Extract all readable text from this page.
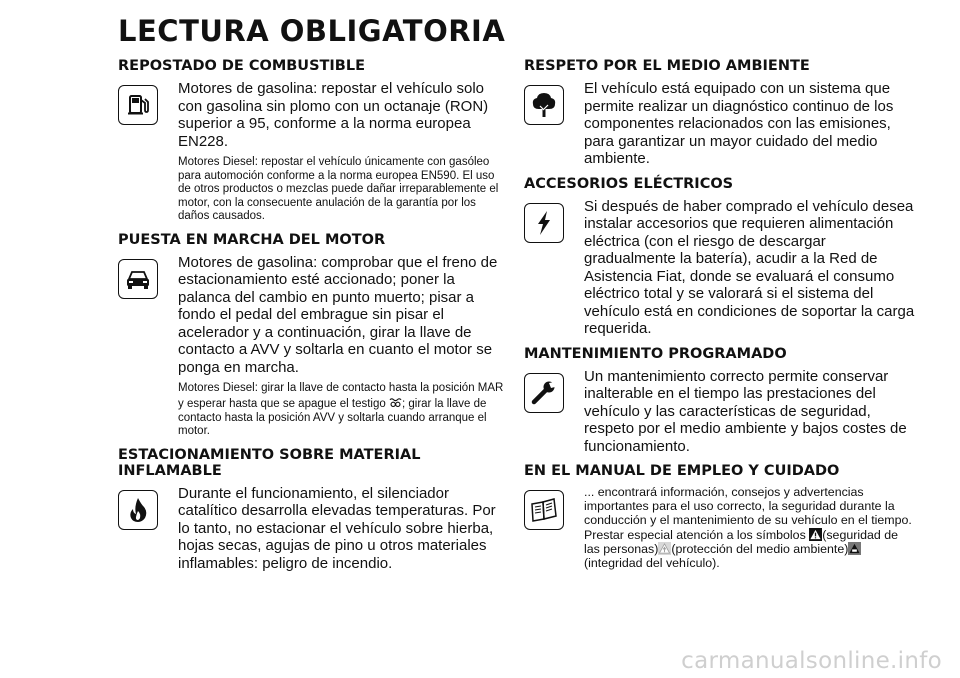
LECTURA OBLIGATORIA
REPOSTADO DE COMBUSTIBLE

Motores de gasolina: repostar el vehículo solo con gasolina sin plomo con un octanaje (RON) superior a 95, conforme a la norma europea EN228.

Motores Diesel: repostar el vehículo únicamente con gasóleo para automoción conforme a la norma europea EN590. El uso de otros productos o mezclas puede dañar irreparablemente el motor, con la consecuente anulación de la garantía por los daños causados.

PUESTA EN MARCHA DEL MOTOR

Motores de gasolina: comprobar que el freno de estacionamiento esté accionado; poner la palanca del cambio en punto muerto; pisar a fondo el pedal del embrague sin pisar el acelerador y a continuación, girar la llave de contacto a AVV y soltarla en cuanto el motor se ponga en marcha.

Motores Diesel: girar la llave de contacto hasta la posición MAR y esperar hasta que se apague el testigo ; girar la llave de contacto hasta la posición AVV y soltarla cuando arranque el motor.

ESTACIONAMIENTO SOBRE MATERIAL INFLAMABLE

Durante el funcionamiento, el silenciador catalítico desarrolla elevadas temperaturas. Por lo tanto, no estacionar el vehículo sobre hierba, hojas secas, agujas de pino u otros materiales inflamables: peligro de incendio.

RESPETO POR EL MEDIO AMBIENTE

El vehículo está equipado con un sistema que permite realizar un diagnóstico continuo de los componentes relacionados con las emisiones, para garantizar un mayor cuidado del medio ambiente.

ACCESORIOS ELÉCTRICOS

Si después de haber comprado el vehículo desea instalar accesorios que requieren alimentación eléctrica (con el riesgo de descargar gradualmente la batería), acudir a la Red de Asistencia Fiat, donde se evaluará el consumo eléctrico total y se valorará si el sistema del vehículo está en condiciones de soportar la carga requerida.

MANTENIMIENTO PROGRAMADO

Un mantenimiento correcto permite conservar inalterable en el tiempo las prestaciones del vehículo y las características de seguridad, respeto por el medio ambiente y bajos costes de funcionamiento.

EN EL MANUAL DE EMPLEO Y CUIDADO

... encontrará información, consejos y advertencias importantes para el uso correcto, la seguridad durante la conducción y el mantenimiento de su vehículo en el tiempo. Prestar especial atención a los símbolos (seguridad de las personas) (protección del medio ambiente)
(integridad del vehículo).

carmanualsonline.info
